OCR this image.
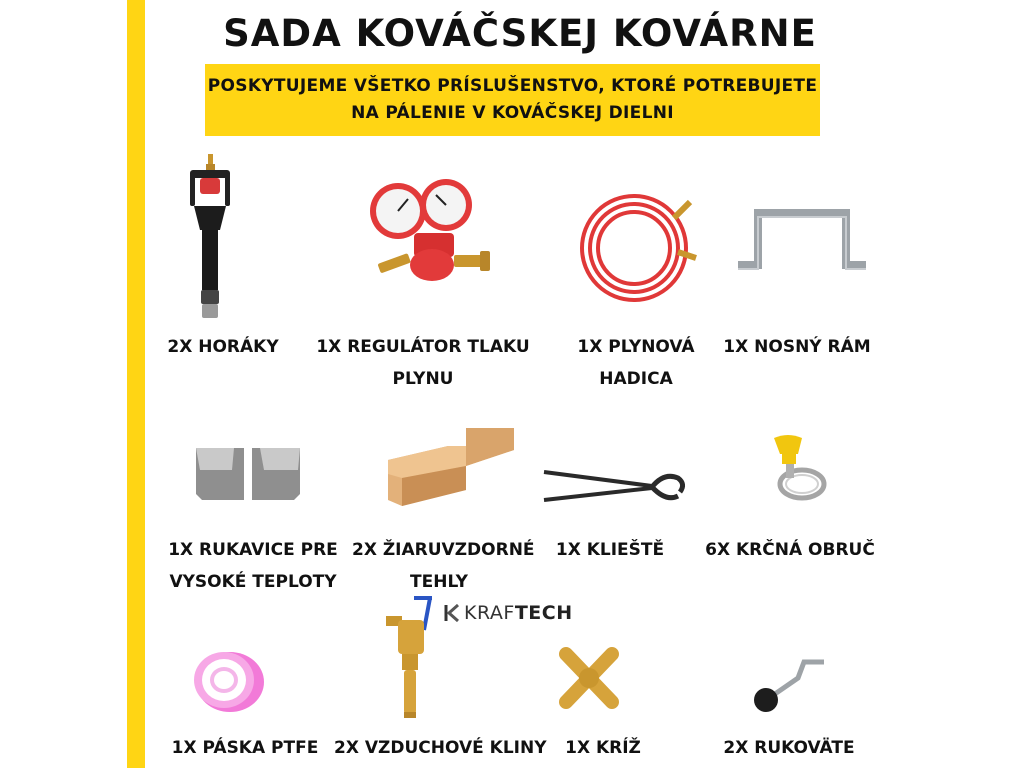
SADA KOVÁČSKEJ KOVÁRNE
POSKYTUJEME VŠETKO PRÍSLUŠENSTVO, KTORÉ POTREBUJETE
NA PÁLENIE V KOVÁČSKEJ DIELNI
2X HORÁKY	1X REGULÁTOR TLAKU
PLYNU
1X PLYNOVÁ
HADICA
1X NOSNÝ RÁM
1X RUKAVICE PRE
VYSOKÉ TEPLOTY
2X ŽIARUVZDORNÉ
TEHLY
1X KLIEŠTĚ	6X KRČNÁ OBRUČ
KRAFTECH
1X PÁSKA PTFE 2X VZDUCHOVÉ KLINY	1X KRÍŽ	2X RUKOVÄTE
